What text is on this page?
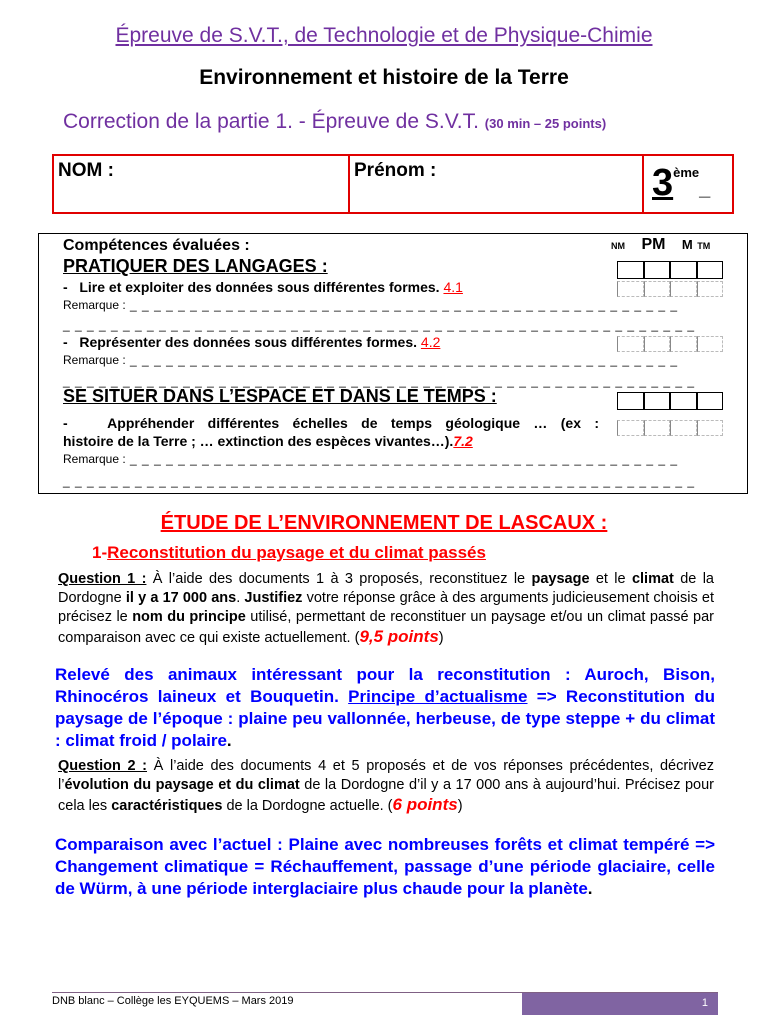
Épreuve de S.V.T., de Technologie et de Physique-Chimie
Environnement et histoire de la Terre
Correction de la partie 1. - Épreuve de S.V.T. (30 min – 25 points)
NOM :	Prénom :	3ème_
Compétences évaluées :	NM PM M TM
PRATIQUER DES LANGAGES :
-   Lire et exploiter des données sous différentes formes. 4.1
Remarque : _ _ _ _ _ _ _ _ _ _ _ _ _ _ _ _ _ _ _ _ _ _ _ _ _ _ _ _ _ _ _ _ _ _ _ _ _ _ _ _ _ _ _ _ _ _
_ _ _ _ _ _ _ _ _ _ _ _ _ _ _ _ _ _ _ _ _ _ _ _ _ _ _ _ _ _ _ _ _ _ _ _ _ _ _ _ _ _ _ _ _ _ _ _ _ _ _ _ _
-   Représenter des données sous différentes formes. 4.2
Remarque : _ _ _ _ _ _ _ _ _ _ _ _ _ _ _ _ _ _ _ _ _ _ _ _ _ _ _ _ _ _ _ _ _ _ _ _ _ _ _ _ _ _ _ _ _ _
_ _ _ _ _ _ _ _ _ _ _ _ _ _ _ _ _ _ _ _ _ _ _ _ _ _ _ _ _ _ _ _ _ _ _ _ _ _ _ _ _ _ _ _ _ _ _ _ _ _ _ _ _
SE SITUER DANS L’ESPACE ET DANS LE TEMPS :
-   Appréhender différentes échelles de temps géologique … (ex :
histoire de la Terre ; … extinction des espèces vivantes…).7.2
Remarque : _ _ _ _ _ _ _ _ _ _ _ _ _ _ _ _ _ _ _ _ _ _ _ _ _ _ _ _ _ _ _ _ _ _ _ _ _ _ _ _ _ _ _ _ _ _
_ _ _ _ _ _ _ _ _ _ _ _ _ _ _ _ _ _ _ _ _ _ _ _ _ _ _ _ _ _ _ _ _ _ _ _ _ _ _ _ _ _ _ _ _ _ _ _ _ _ _ _ _
ÉTUDE DE L’ENVIRONNEMENT DE LASCAUX :
1-Reconstitution du paysage et du climat passés
Question 1 : À l’aide des documents 1 à 3 proposés, reconstituez le paysage et le climat de la Dordogne il y a 17 000 ans. Justifiez votre réponse grâce à des arguments judicieusement choisis et précisez le nom du principe utilisé, permettant de reconstituer un paysage et/ou un climat passé par comparaison avec ce qui existe actuellement. (9,5 points)
Relevé des animaux intéressant pour la reconstitution : Auroch, Bison, Rhinocéros laineux et Bouquetin. Principe d’actualisme => Reconstitution du paysage de l’époque : plaine peu vallonnée, herbeuse, de type steppe + du climat : climat froid / polaire.
Question 2 : À l’aide des documents 4 et 5 proposés et de vos réponses précédentes, décrivez l’évolution du paysage et du climat de la Dordogne d’il y a 17 000 ans à aujourd’hui. Précisez pour cela les caractéristiques de la Dordogne actuelle. (6 points)
Comparaison avec l’actuel : Plaine avec nombreuses forêts et climat tempéré => Changement climatique = Réchauffement, passage d’une période glaciaire, celle de Würm, à une période interglaciaire plus chaude pour la planète.
DNB blanc – Collège les EYQUEMS – Mars 2019	1
